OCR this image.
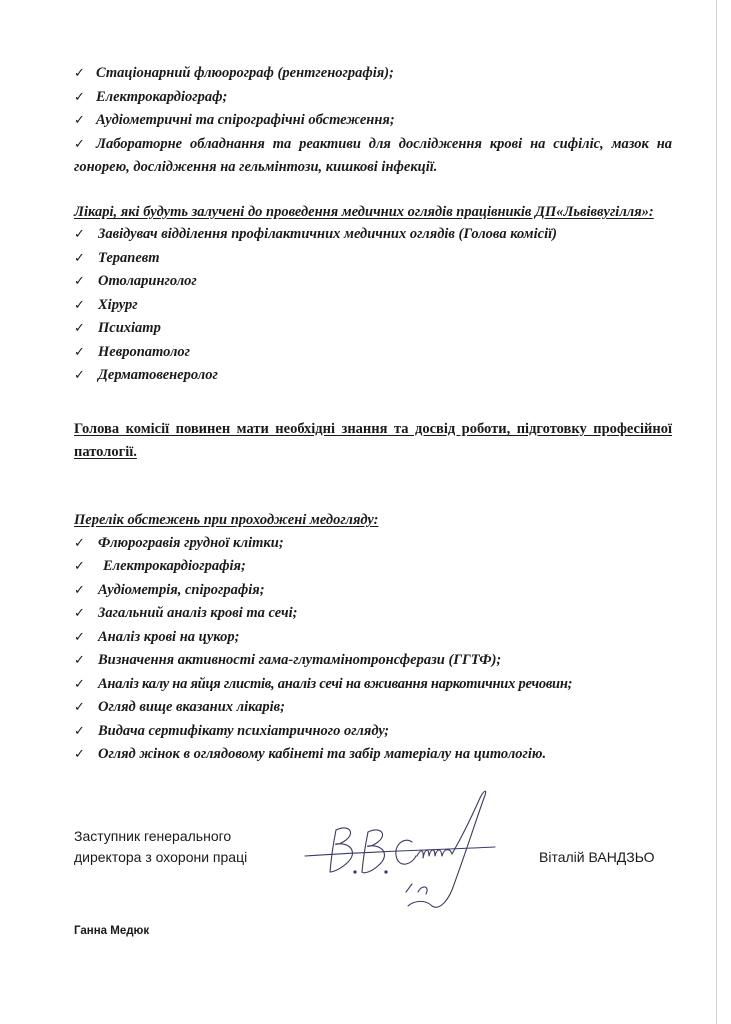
✓ Стаціонарний флюорограф (рентгенографія);
✓ Електрокардіограф;
✓ Аудіометричні та спірографічні обстеження;
✓ Лабораторне обладнання та реактиви для дослідження крові на сифіліс, мазок на гонорею, дослідження на гельмінтози, кишкові інфекції.
Лікарі, які будуть залучені до проведення медичних оглядів працівників ДП«Львіввугілля»:
✓ Завідувач відділення профілактичних медичних оглядів (Голова комісії)
✓ Терапевт
✓ Отоларинголог
✓ Хірург
✓ Психіатр
✓ Невропатолог
✓ Дерматовенеролог
Голова комісії повинен мати необхідні знання та досвід роботи, підготовку професійної патології.
Перелік обстежень при проходжені медогляду:
✓ Флюрогравія грудної клітки;
✓ Електрокардіографія;
✓ Аудіометрія, спірографія;
✓ Загальний аналіз крові та сечі;
✓ Аналіз крові на цукор;
✓ Визначення активності гама-глутамінотронсферази (ГГТФ);
✓ Аналіз калу на яйця глистів, аналіз сечі на вживання наркотичних речовин;
✓ Огляд вище вказаних лікарів;
✓ Видача сертифікату психіатричного огляду;
✓ Огляд жінок в оглядовому кабінеті та забір матеріалу на цитологію.
Заступник генерального
директора з охорони праці	Віталій ВАНДЗЬО
Ганна Медюк
